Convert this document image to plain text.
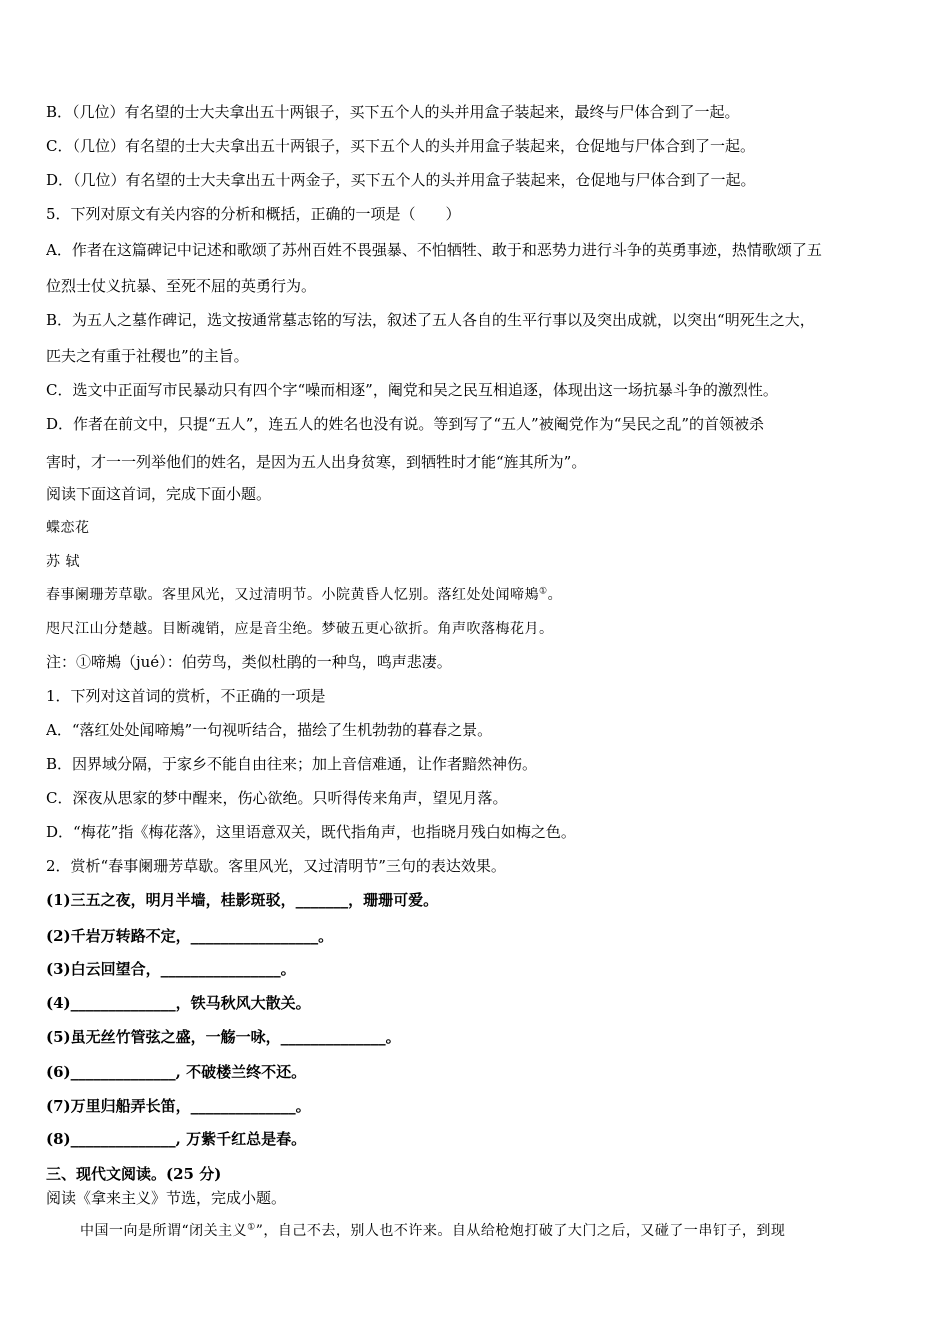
B．（几位）有名望的士大夫拿出五十两银子，买下五个人的头并用盒子装起来，最终与尸体合到了一起。
C．（几位）有名望的士大夫拿出五十两银子，买下五个人的头并用盒子装起来，仓促地与尸体合到了一起。
D．（几位）有名望的士大夫拿出五十两金子，买下五个人的头并用盒子装起来，仓促地与尸体合到了一起。
5．下列对原文有关内容的分析和概括，正确的一项是（　　）
A．作者在这篇碑记中记述和歌颂了苏州百姓不畏强暴、不怕牺牲、敢于和恶势力进行斗争的英勇事迹，热情歌颂了五
位烈士仗义抗暴、至死不屈的英勇行为。
B．为五人之墓作碑记，选文按通常墓志铭的写法，叙述了五人各自的生平行事以及突出成就，以突出“明死生之大，
匹夫之有重于社稷也”的主旨。
C．选文中正面写市民暴动只有四个字“噪而相逐”，阉党和吴之民互相追逐，体现出这一场抗暴斗争的激烈性。
D．作者在前文中，只提“五人”，连五人的姓名也没有说。等到写了“五人”被阉党作为“吴民之乱”的首领被杀
害时，才一一列举他们的姓名，是因为五人出身贫寒，到牺牲时才能“旌其所为”。
阅读下面这首词，完成下面小题。
蝶恋花
苏 轼
春事阑珊芳草歇。客里风光，又过清明节。小院黄昏人忆别。落红处处闻啼鴂①。
咫尺江山分楚越。目断魂销，应是音尘绝。梦破五更心欲折。角声吹落梅花月。
注：①啼鴂（jué）：伯劳鸟，类似杜鹃的一种鸟，鸣声悲凄。
1．下列对这首词的赏析，不正确的一项是
A．“落红处处闻啼鴂”一句视听结合，描绘了生机勃勃的暮春之景。
B．因界域分隔，于家乡不能自由往来；加上音信难通，让作者黯然神伤。
C．深夜从思家的梦中醒来，伤心欲绝。只听得传来角声，望见月落。
D．“梅花”指《梅花落》，这里语意双关，既代指角声，也指晓月残白如梅之色。
2．赏析“春事阑珊芳草歇。客里风光，又过清明节”三句的表达效果。
(1)三五之夜，明月半墙，桂影斑驳，_______，珊珊可爱。
(2)千岩万转路不定，_________________。
(3)白云回望合，________________。
(4)______________，铁马秋风大散关。
(5)虽无丝竹管弦之盛，一觞一咏，______________。
(6)______________, 不破楼兰终不还。
(7)万里归船弄长笛，______________。
(8)______________, 万紫千红总是春。
三、现代文阅读。(25 分)
阅读《拿来主义》节选，完成小题。
中国一向是所谓“闭关主义①”，自己不去，别人也不许来。自从给枪炮打破了大门之后，又碰了一串钉子，到现
